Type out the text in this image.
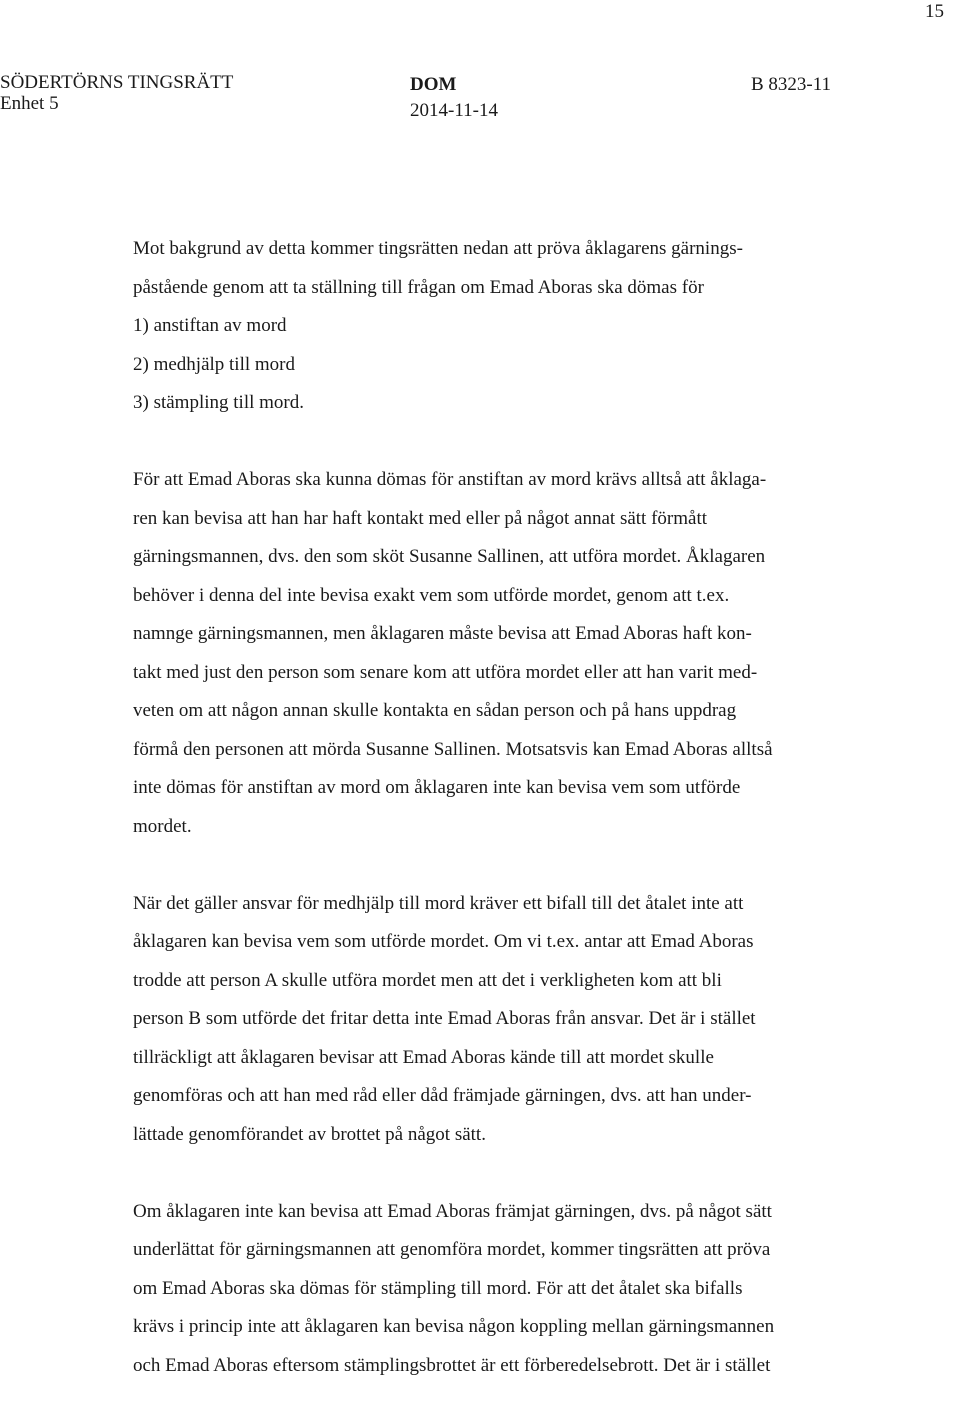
15
SÖDERTÖRNS TINGSRÄTT
Enhet 5
DOM
2014-11-14
B 8323-11
Mot bakgrund av detta kommer tingsrätten nedan att pröva åklagarens gärnings-
påstående genom att ta ställning till frågan om Emad Aboras ska dömas för
1) anstiftan av mord
2) medhjälp till mord
3) stämpling till mord.
För att Emad Aboras ska kunna dömas för anstiftan av mord krävs alltså att åklaga-
ren kan bevisa att han har haft kontakt med eller på något annat sätt förmått
gärningsmannen, dvs. den som sköt Susanne Sallinen, att utföra mordet. Åklagaren
behöver i denna del inte bevisa exakt vem som utförde mordet, genom att t.ex.
namnge gärningsmannen, men åklagaren måste bevisa att Emad Aboras haft kon-
takt med just den person som senare kom att utföra mordet eller att han varit med-
veten om att någon annan skulle kontakta en sådan person och på hans uppdrag
förmå den personen att mörda Susanne Sallinen. Motsatsvis kan Emad Aboras alltså
inte dömas för anstiftan av mord om åklagaren inte kan bevisa vem som utförde
mordet.
När det gäller ansvar för medhjälp till mord kräver ett bifall till det åtalet inte att
åklagaren kan bevisa vem som utförde mordet. Om vi t.ex. antar att Emad Aboras
trodde att person A skulle utföra mordet men att det i verkligheten kom att bli
person B som utförde det fritar detta inte Emad Aboras från ansvar. Det är i stället
tillräckligt att åklagaren bevisar att Emad Aboras kände till att mordet skulle
genomföras och att han med råd eller dåd främjade gärningen, dvs. att han under-
lättade genomförandet av brottet på något sätt.
Om åklagaren inte kan bevisa att Emad Aboras främjat gärningen, dvs. på något sätt
underlättat för gärningsmannen att genomföra mordet, kommer tingsrätten att pröva
om Emad Aboras ska dömas för stämpling till mord. För att det åtalet ska bifalls
krävs i princip inte att åklagaren kan bevisa någon koppling mellan gärningsmannen
och Emad Aboras eftersom stämplingsbrottet är ett förberedelsebrott. Det är i stället
